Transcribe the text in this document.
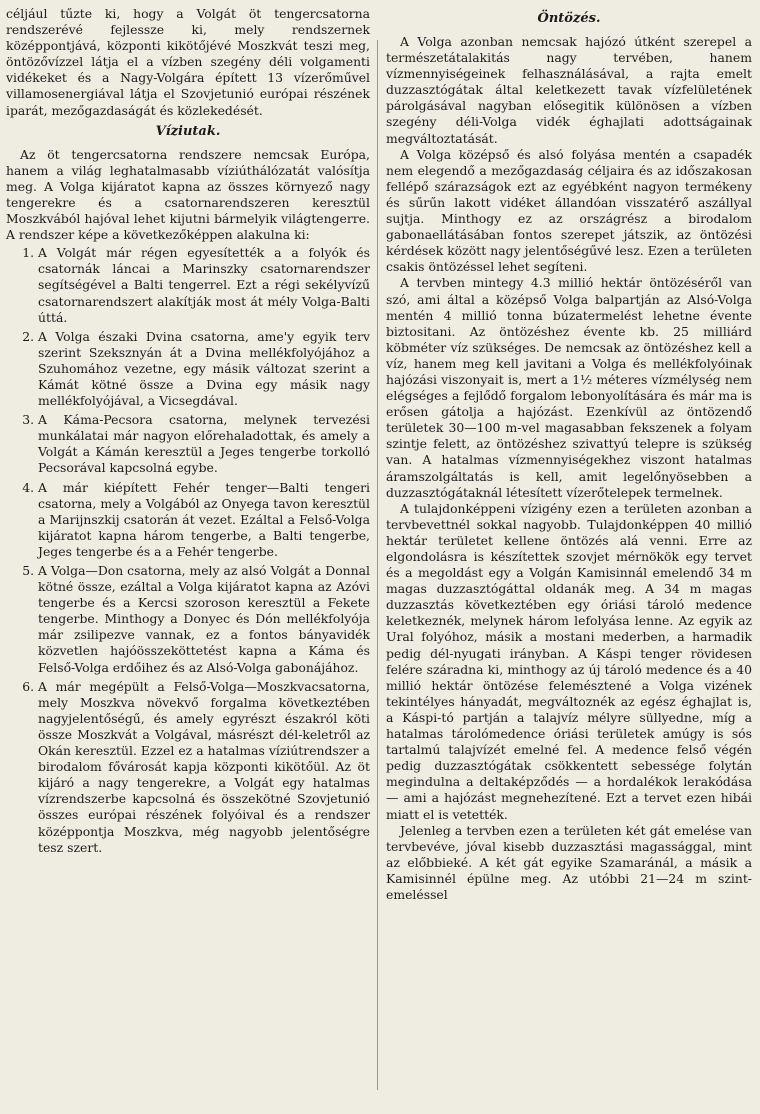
céljául tűzte ki, hogy a Volgát öt tengercsatorna rendszerévé fejlessze ki, mely rendszernek középpontjává, központi kikötőjévé Moszkvát teszi meg, öntözővízzel látja el a vízben szegény déli volgamenti vidékeket és a Nagy-Volgára épített 13 vízerőművel villamosenergiával látja el Szovjetunió európai részének iparát, mezőgazdaságát és közlekedését.

Víziutak.

Az öt tengercsatorna rendszere nemcsak Európa, hanem a világ leghatalmasabb víziúthálózatát valósítja meg. A Volga kijáratot kapna az összes környező nagy tengerekre és a csatornarendszeren keresztül Moszkvából hajóval lehet kijutni bármelyik világtengerre. A rendszer képe a következőképpen alakulna ki:

1. A Volgát már régen egyesítették a a folyók és csatornák láncai a Marinszky csatornarendszer segítségével a Balti tengerrel. Ezt a régi sekélyvízű csatornarendszert alakítják most át mély Volga-Balti úttá.
2. A Volga északi Dvina csatorna, ame'y egyik terv szerint Szeksznyán át a Dvina mellékfolyójához a Szuhomához vezetne, egy másik változat szerint a Kámát kötné össze a Dvina egy másik nagy mellékfolyójával, a Vicsegdával.
3. A Káma-Pecsora csatorna, melynek tervezési munkálatai már nagyon előrehaladottak, és amely a Volgát a Kámán keresztül a Jeges tengerbe torkolló Pecsorával kapcsolná egybe.
4. A már kiépített Fehér tenger—Balti tengeri csatorna, mely a Volgából az Onyega tavon keresztül a Marijnszkij csatorán át vezet. Ezáltal a Felső-Volga kijáratot kapna három tengerbe, a Balti tengerbe, Jeges tengerbe és a a Fehér tengerbe.
5. A Volga—Don csatorna, mely az alsó Volgát a Donnal kötné össze, ezáltal a Volga kijáratot kapna az Azóvi tengerbe és a Kercsi szoroson keresztül a Fekete tengerbe. Minthogy a Donyec és Dón mellékfolyója már zsilipezve vannak, ez a fontos bányavidék közvetlen hajóösszeköttetést kapna a Káma és Felső-Volga erdőihez és az Alsó-Volga gabonájához.
6. A már megépült a Felső-Volga—Moszkvacsatorna, mely Moszkva növekvő forgalma következtében nagyjelentőségű, és amely egyrészt északról köti össze Moszkvát a Volgával, másrészt dél-keletről az Okán keresztül. Ezzel ez a hatalmas víziútrendszer a birodalom fővárosát kapja központi kikötőül. Az öt kijáró a nagy tengerekre, a Volgát egy hatalmas vízrendszerbe kapcsolná és összekötné Szovjetunió összes európai részének folyóival és a rendszer középpontja Moszkva, még nagyobb jelentőségre tesz szert.
Öntözés.

A Volga azonban nemcsak hajózó útként szerepel a természetátalakitás nagy tervében, hanem vízmennyiségeinek felhasználásával, a rajta emelt duzzasztógátak által keletkezett tavak vízfelületének párolgásával nagyban elősegitik különösen a vízben szegény déli-Volga vidék éghajlati adottságainak megváltoztatását.

A Volga középső és alsó folyása mentén a csapadék nem elegendő a mezőgazdaság céljaira és az időszakosan fellépő szárazságok ezt az egyébként nagyon termékeny és sűrűn lakott vidéket állandóan visszatérő aszállyal sujtja. Minthogy ez az országrész a birodalom gabonaellátásában fontos szerepet játszik, az öntözési kérdések között nagy jelentőségűvé lesz. Ezen a területen csakis öntözéssel lehet segíteni.

A tervben mintegy 4.3 millió hektár öntözéséről van szó, ami által a középső Volga balpartján az Alsó-Volga mentén 4 millió tonna búzatermelést lehetne évente biztositani. Az öntözéshez évente kb. 25 milliárd köbméter víz szükséges. De nemcsak az öntözéshez kell a víz, hanem meg kell javitani a Volga és mellékfolyóinak hajózási viszonyait is, mert a 1½ méteres vízmélység nem elégséges a fejlődő forgalom lebonyolítására és már ma is erősen gátolja a hajózást. Ezenkívül az öntözendő területek 30—100 m-vel magasabban fekszenek a folyam szintje felett, az öntözéshez szivattyú telepre is szükség van. A hatalmas vízmennyiségekhez viszont hatalmas áramszolgáltatás is kell, amit legelőnyösebben a duzzasztógátaknál létesített vízerőtelepek termelnek.

A tulajdonképpeni vízigény ezen a területen azonban a tervbevettnél sokkal nagyobb. Tulajdonképpen 40 millió hektár területet kellene öntözés alá venni. Erre az elgondolásra is készítettek szovjet mérnökök egy tervet és a megoldást egy a Volgán Kamisinnál emelendő 34 m magas duzzasztógáttal oldanák meg. A 34 m magas duzzasztás következtében egy óriási tároló medence keletkeznék, melynek három lefolyása lenne. Az egyik az Ural folyóhoz, másik a mostani mederben, a harmadik pedig dél-nyugati irányban. A Káspi tenger rövidesen felére száradna ki, minthogy az új tároló medence és a 40 millió hektár öntözése felemésztené a Volga vizének tekintélyes hányadát, megváltoznék az egész éghajlat is, a Káspi-tó partján a talajvíz mélyre süllyedne, míg a hatalmas tárolómedence óriási területek amúgy is sós tartalmú talajvízét emelné fel. A medence felső végén pedig duzzasztógátak csökkentett sebessége folytán megindulna a deltaképződés — a hordalékok lerakódása — ami a hajózást megnehezítené. Ezt a tervet ezen hibái miatt el is vetették.

Jelenleg a tervben ezen a területen két gát emelése van tervbevéve, jóval kisebb duzzasztási magassággal, mint az előbbieké. A két gát egyike Szamaránál, a másik a Kamisinnél épülne meg. Az utóbbi 21—24 m szint-emeléssel
